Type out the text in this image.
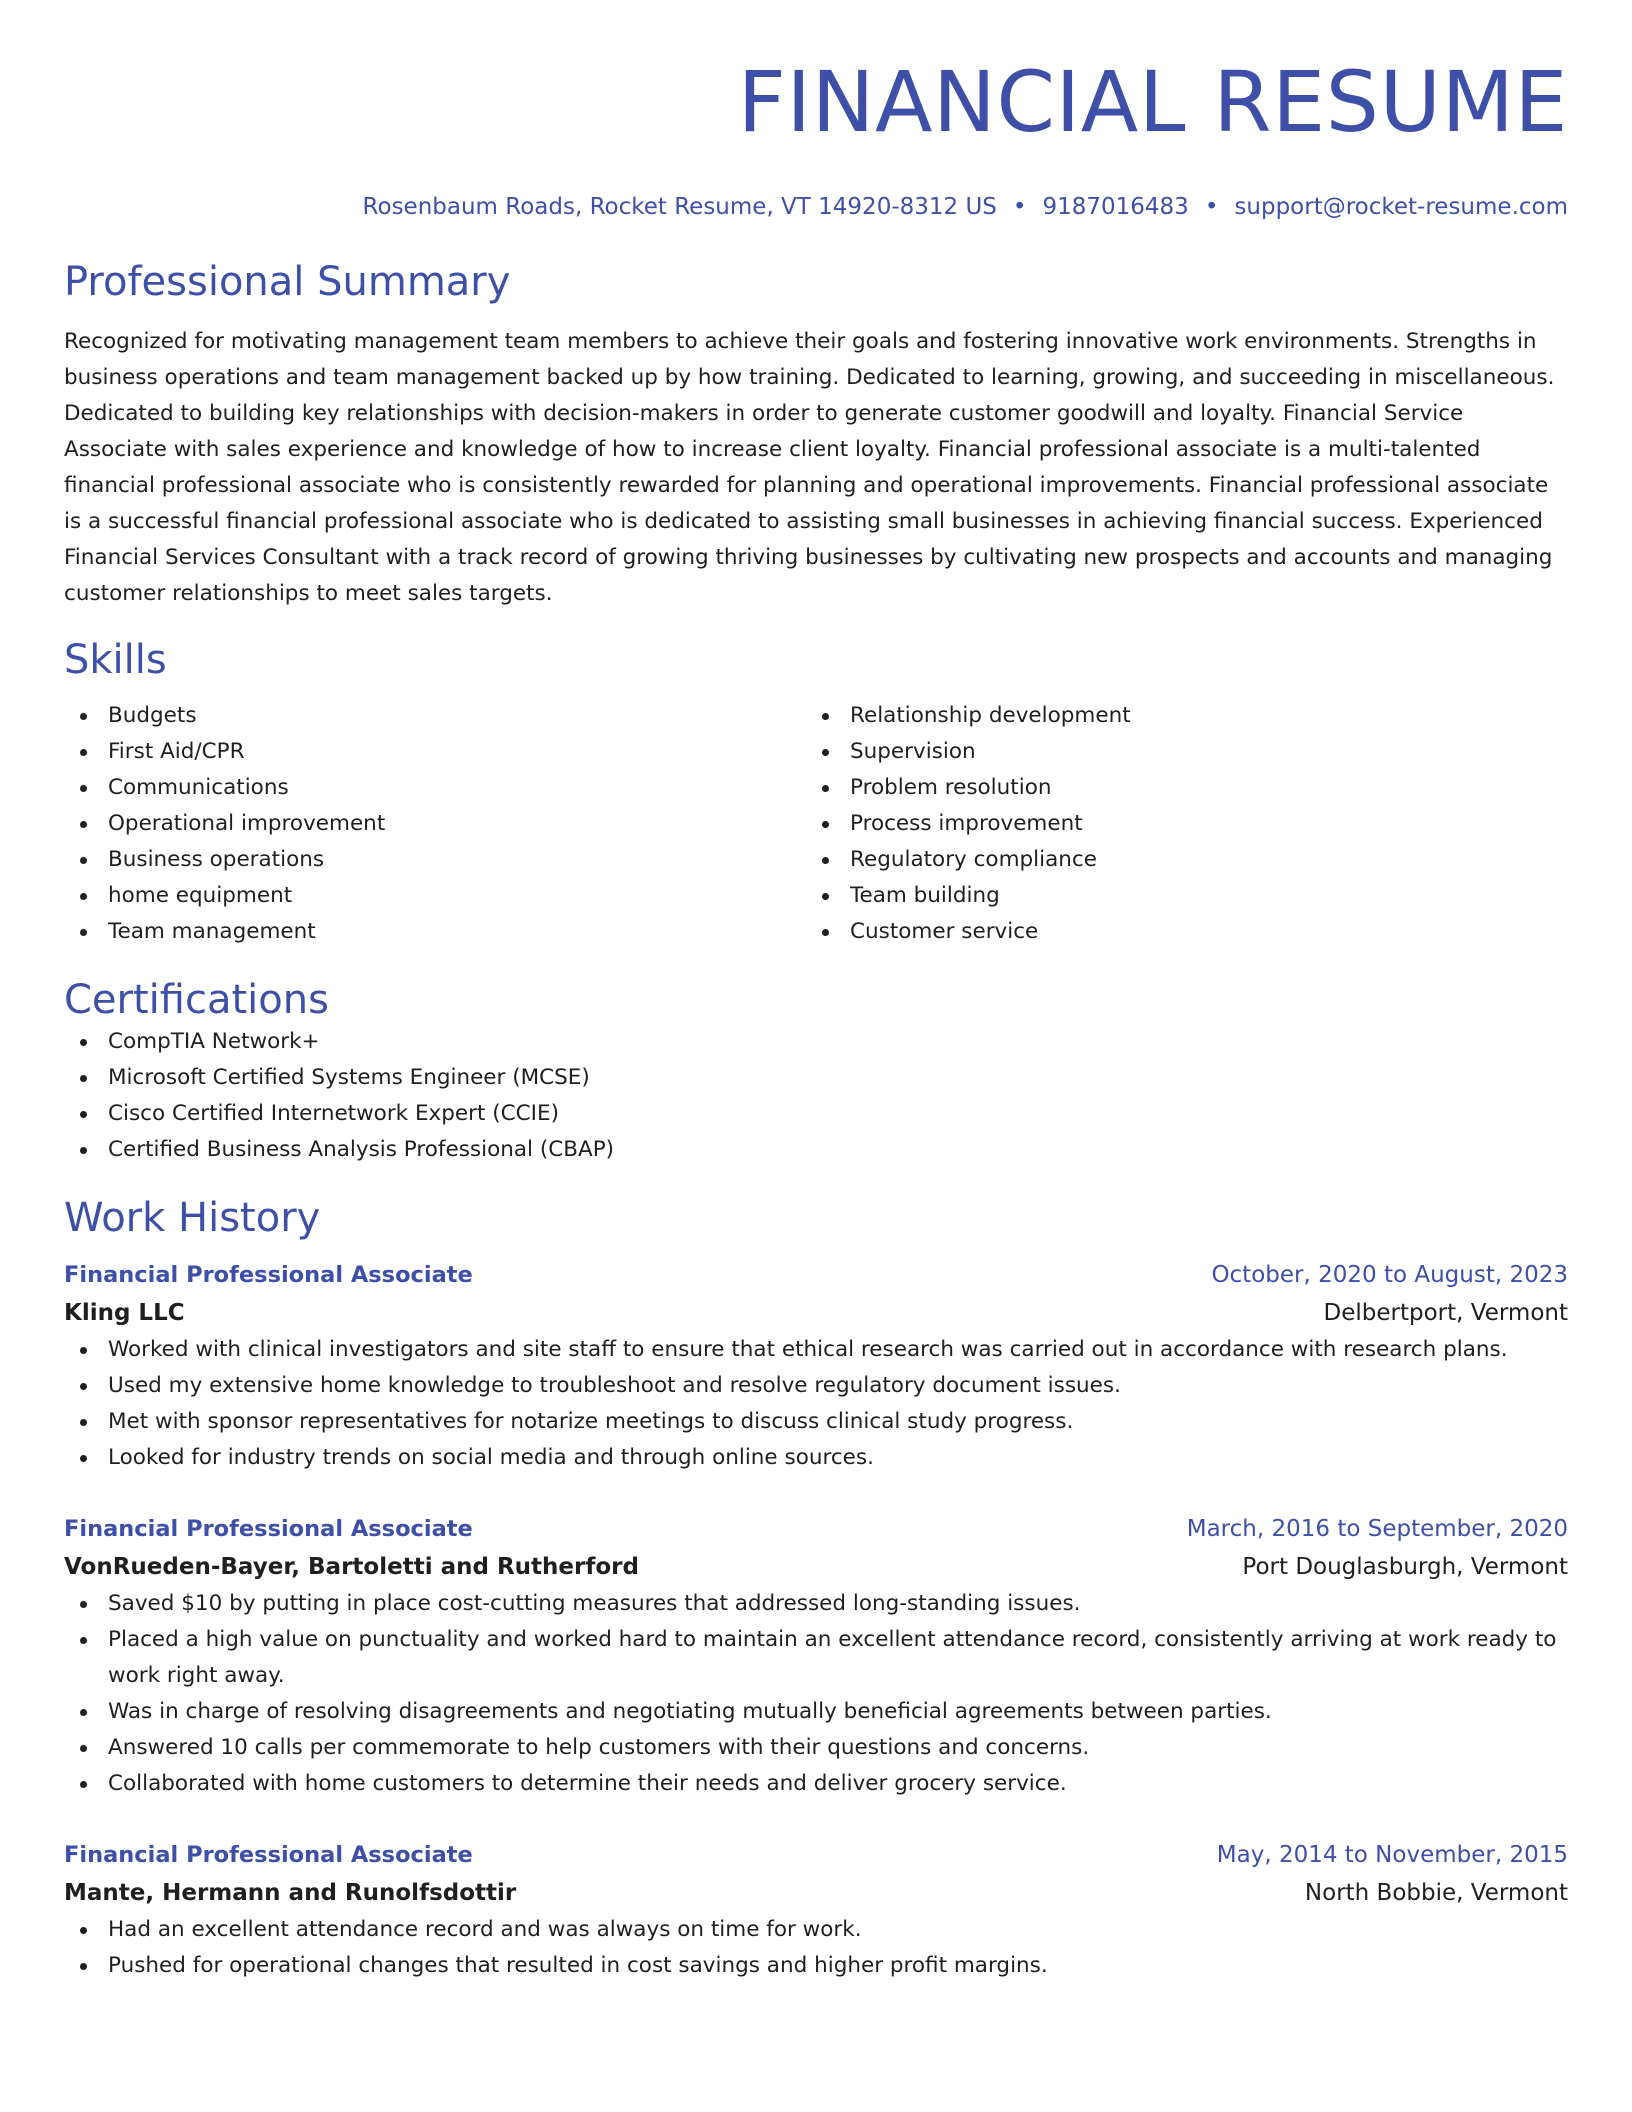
FINANCIAL RESUME
Rosenbaum Roads, Rocket Resume, VT 14920-8312 US • 9187016483 • support@rocket-resume.com
Professional Summary
Recognized for motivating management team members to achieve their goals and fostering innovative work environments. Strengths in business operations and team management backed up by how training. Dedicated to learning, growing, and succeeding in miscellaneous. Dedicated to building key relationships with decision-makers in order to generate customer goodwill and loyalty. Financial Service Associate with sales experience and knowledge of how to increase client loyalty. Financial professional associate is a multi-talented financial professional associate who is consistently rewarded for planning and operational improvements. Financial professional associate is a successful financial professional associate who is dedicated to assisting small businesses in achieving financial success. Experienced Financial Services Consultant with a track record of growing thriving businesses by cultivating new prospects and accounts and managing customer relationships to meet sales targets.
Skills
Budgets
First Aid/CPR
Communications
Operational improvement
Business operations
home equipment
Team management
Relationship development
Supervision
Problem resolution
Process improvement
Regulatory compliance
Team building
Customer service
Certifications
CompTIA Network+
Microsoft Certified Systems Engineer (MCSE)
Cisco Certified Internetwork Expert (CCIE)
Certified Business Analysis Professional (CBAP)
Work History
Financial Professional Associate	October, 2020 to August, 2023
Kling LLC	Delbertport, Vermont
Worked with clinical investigators and site staff to ensure that ethical research was carried out in accordance with research plans.
Used my extensive home knowledge to troubleshoot and resolve regulatory document issues.
Met with sponsor representatives for notarize meetings to discuss clinical study progress.
Looked for industry trends on social media and through online sources.
Financial Professional Associate	March, 2016 to September, 2020
VonRueden-Bayer, Bartoletti and Rutherford	Port Douglasburgh, Vermont
Saved $10 by putting in place cost-cutting measures that addressed long-standing issues.
Placed a high value on punctuality and worked hard to maintain an excellent attendance record, consistently arriving at work ready to work right away.
Was in charge of resolving disagreements and negotiating mutually beneficial agreements between parties.
Answered 10 calls per commemorate to help customers with their questions and concerns.
Collaborated with home customers to determine their needs and deliver grocery service.
Financial Professional Associate	May, 2014 to November, 2015
Mante, Hermann and Runolfsdottir	North Bobbie, Vermont
Had an excellent attendance record and was always on time for work.
Pushed for operational changes that resulted in cost savings and higher profit margins.
